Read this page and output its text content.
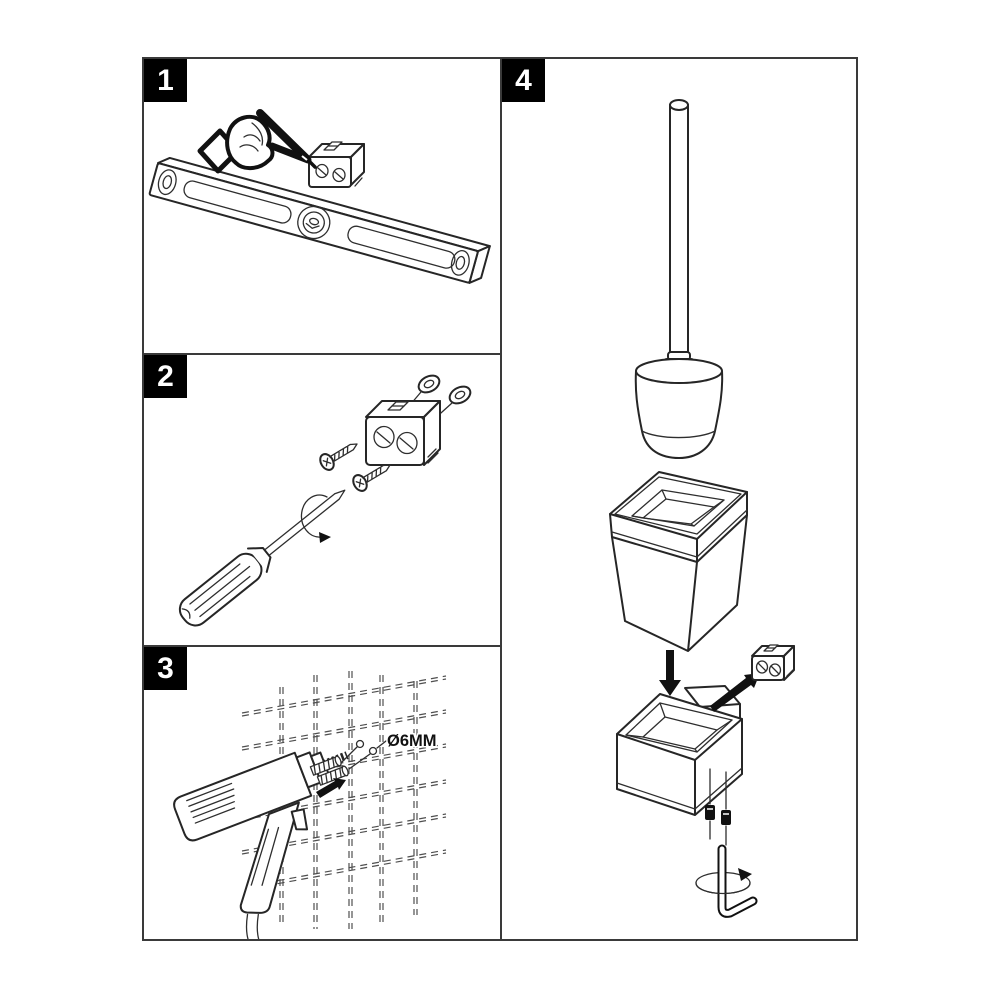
Ø6MM
1
2
3
4
